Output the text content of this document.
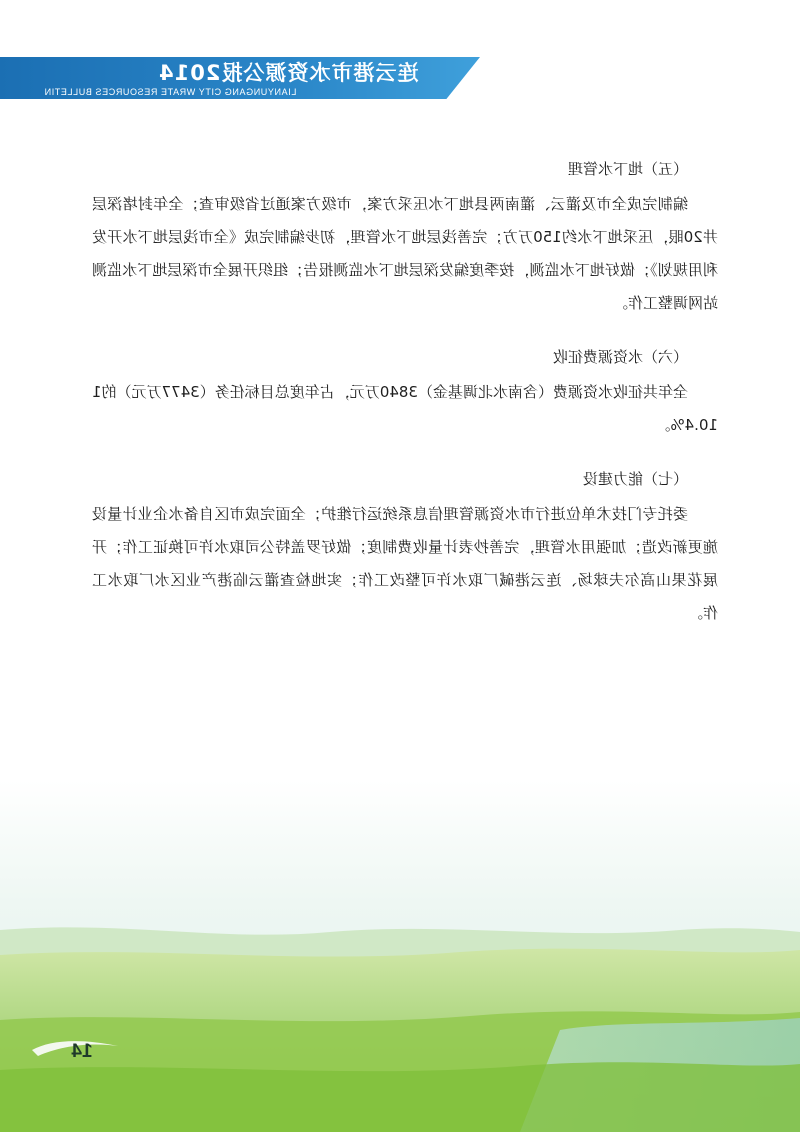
连云港市水资源公报2014
LIANYUNGANG CITY WRATE RESOURCES BULLETIN

（五）地下水管理

编制完成全市及灌云、灌南两县地下水压采方案，市级方案通过省级审查；全年封堵深层井20眼，压采地下水约150万方；完善浅层地下水管理，初步编制完成《全市浅层地下水开发利用规划》；做好地下水监测，按季度编发深层地下水监测报告；组织开展全市深层地下水监测站网调整工作。

（六）水资源费征收

全年共征收水资源费（含南水北调基金）3840万元，占年度总目标任务（3477万元）的110.4%。

（七）能力建设

委托专门技术单位进行市水资源管理信息系统运行维护；全面完成市区自备水企业计量设施更新改造；加强用水管理，完善抄表计量收费制度；做好罗盖特公司取水许可换证工作；开展花果山高尔夫球场、连云港碱厂取水许可整改工作；实地检查灌云临港产业区水厂取水工作。

14
